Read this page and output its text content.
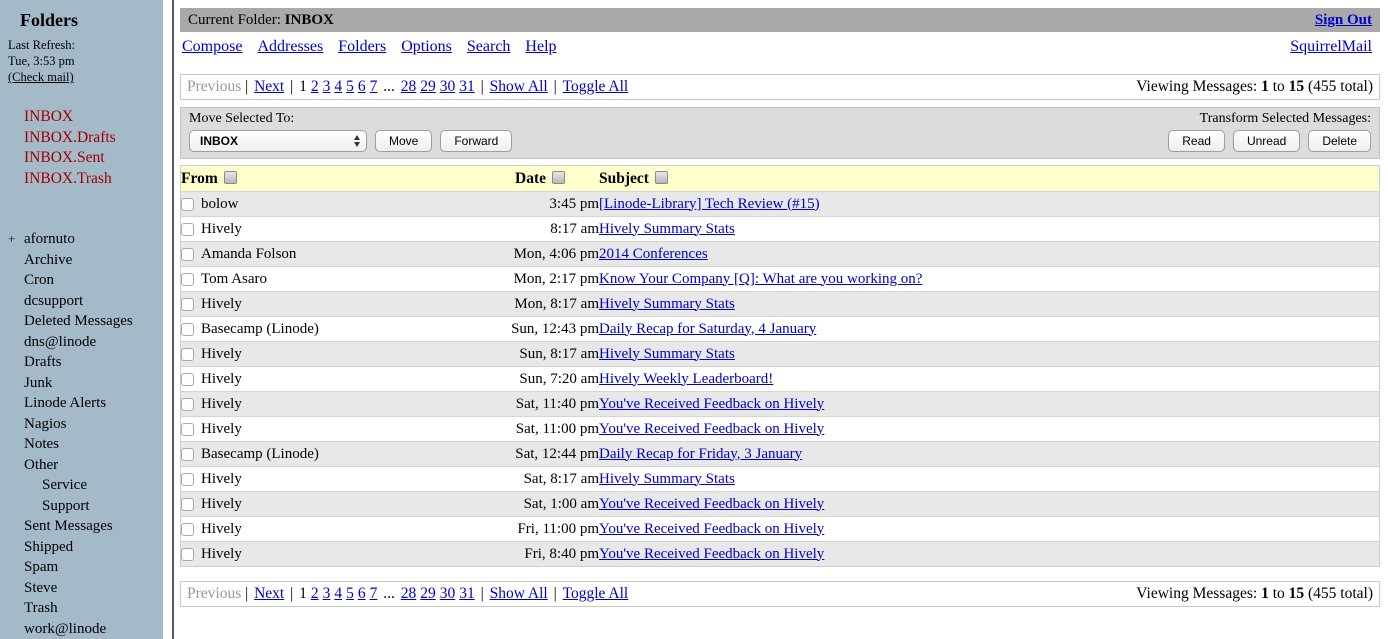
Folders
Last Refresh:
Tue, 3:53 pm
(Check mail)
INBOX
INBOX.Drafts
INBOX.Sent
INBOX.Trash
+ afornuto
Archive
Cron
dcsupport
Deleted Messages
dns@linode
Drafts
Junk
Linode Alerts
Nagios
Notes
Other
Service
Support
Sent Messages
Shipped
Spam
Steve
Trash
work@linode
Current Folder: INBOX	Sign Out
Compose Addresses Folders Options Search Help	SquirrelMail
Previous | Next | 1 2 3 4 5 6 7 ... 28 29 30 31 | Show All | Toggle All	Viewing Messages: 1 to 15 (455 total)
Move Selected To:	Transform Selected Messages:
INBOX	Move	Forward	Read	Unread	Delete
From	Date	Subject

bolow	3:45 pm	[Linode-Library] Tech Review (#15)

Hively	8:17 am	Hively Summary Stats

Amanda Folson	Mon, 4:06 pm	2014 Conferences

Tom Asaro	Mon, 2:17 pm	Know Your Company [Q]: What are you working on?

Hively	Mon, 8:17 am	Hively Summary Stats

Basecamp (Linode)	Sun, 12:43 pm	Daily Recap for Saturday, 4 January

Hively	Sun, 8:17 am	Hively Summary Stats

Hively	Sun, 7:20 am	Hively Weekly Leaderboard!

Hively	Sat, 11:40 pm	You've Received Feedback on Hively

Hively	Sat, 11:00 pm	You've Received Feedback on Hively

Basecamp (Linode)	Sat, 12:44 pm	Daily Recap for Friday, 3 January

Hively	Sat, 8:17 am	Hively Summary Stats

Hively	Sat, 1:00 am	You've Received Feedback on Hively

Hively	Fri, 11:00 pm	You've Received Feedback on Hively

Hively	Fri, 8:40 pm	You've Received Feedback on Hively
Previous | Next | 1 2 3 4 5 6 7 ... 28 29 30 31 | Show All | Toggle All	Viewing Messages: 1 to 15 (455 total)
